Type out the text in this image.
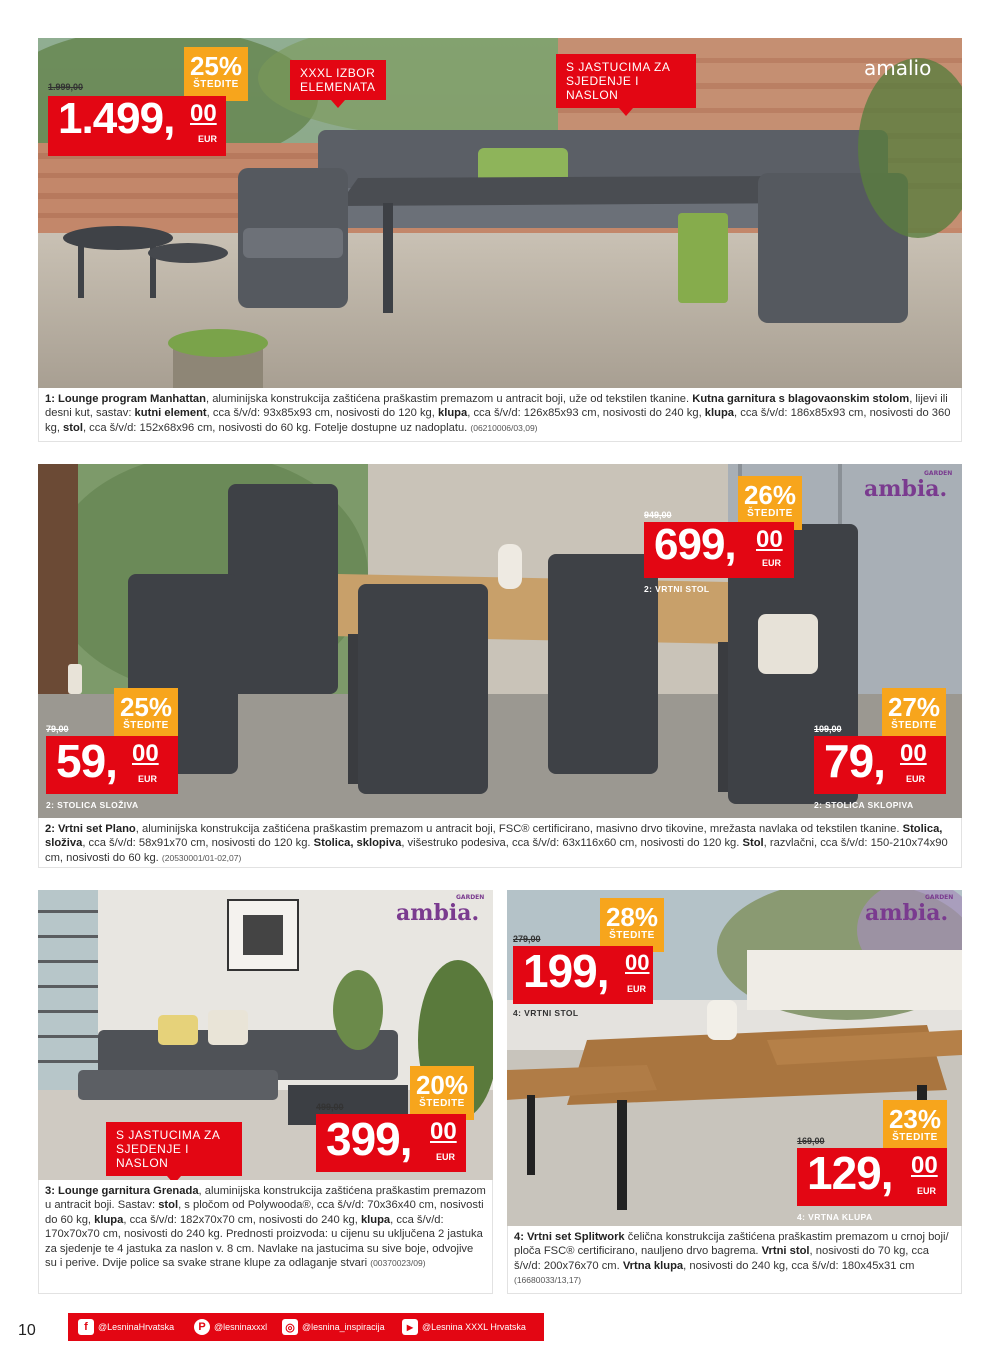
1.999,00
25%
ŠTEDITE
1.499, 00
EUR
XXXL IZBOR ELEMENATA
S JASTUCIMA ZA SJEDENJE I NASLON
amalio
1: Lounge program Manhattan, aluminijska konstrukcija zaštićena praškastim premazom u antracit boji, uže od tekstilen tkanine. Kutna garnitura s blagovaonskim stolom, lijevi ili desni kut, sastav: kutni element, cca š/v/d: 93x85x93 cm, nosivosti do 120 kg, klupa, cca š/v/d: 126x85x93 cm, nosivosti do 240 kg, klupa, cca š/v/d: 186x85x93 cm, nosivosti do 360 kg, stol, cca š/v/d: 152x68x96 cm, nosivosti do 60 kg. Fotelje dostupne uz nadoplatu. (06210006/03,09)
ambia.
GARDEN
949,00
26%
ŠTEDITE
699, 00
EUR
2: VRTNI STOL
79,00
25%
ŠTEDITE
59, 00
EUR
2: STOLICA SLOŽIVA
109,00
27%
ŠTEDITE
79, 00
EUR
2: STOLICA SKLOPIVA
2: Vrtni set Plano, aluminijska konstrukcija zaštićena praškastim premazom u antracit boji, FSC® certificirano, masivno drvo tikovine, mrežasta navlaka od tekstilen tkanine. Stolica, složiva, cca š/v/d: 58x91x70 cm, nosivosti do 120 kg. Stolica, sklopiva, višestruko podesiva, cca š/v/d: 63x116x60 cm, nosivosti do 120 kg. Stol, razvlačni, cca š/v/d: 150-210x74x90 cm, nosivosti do 60 kg. (20530001/01-02,07)
ambia.
GARDEN
S JASTUCIMA ZA SJEDENJE I NASLON
499,00
20%
ŠTEDITE
399, 00
EUR
3: Lounge garnitura Grenada, aluminijska konstrukcija zaštićena praškastim premazom u antracit boji. Sastav: stol, s pločom od Polywooda®, cca š/v/d: 70x36x40 cm, nosivosti do 60 kg, klupa, cca š/v/d: 182x70x70 cm, nosivosti do 240 kg, klupa, cca š/v/d: 170x70x70 cm, nosivosti do 240 kg. Prednosti proizvoda: u cijenu su uključena 2 jastuka za sjedenje te 4 jastuka za naslon v. 8 cm. Navlake na jastucima su sive boje, odvojive su i perive. Dvije police sa svake strane klupe za odlaganje stvari (00370023/09)
ambia.
GARDEN
279,00
28%
ŠTEDITE
199, 00
EUR
4: VRTNI STOL
169,00
23%
ŠTEDITE
129, 00
EUR
4: VRTNA KLUPA
4: Vrtni set Splitwork čelična konstrukcija zaštićena praškastim premazom u crnoj boji/ ploča FSC® certificirano, nauljeno drvo bagrema. Vrtni stol, nosivosti do 70 kg, cca š/v/d: 200x76x70 cm. Vrtna klupa, nosivosti do 240 kg, cca š/v/d: 180x45x31 cm (16680033/13,17)
10	f	@LesninaHrvatska	P @lesninaxxxl ◎ @lesnina_inspiracija	▶ @Lesnina XXXL Hrvatska
